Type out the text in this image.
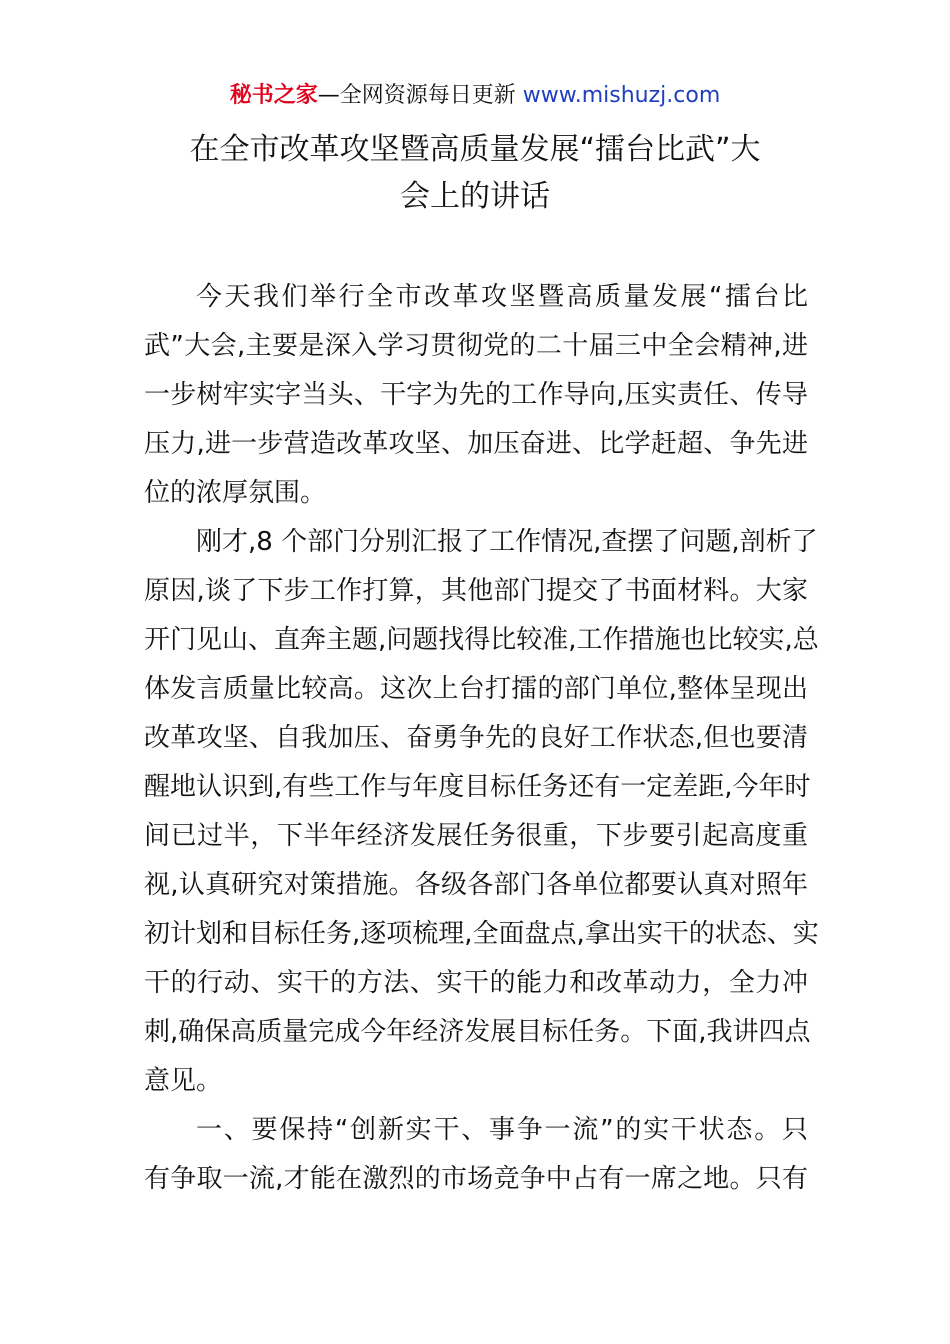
秘书之家—全网资源每日更新 www.mishuzj.com
在全市改革攻坚暨高质量发展“擂台比武”大
会上的讲话
今天我们举行全市改革攻坚暨高质量发展“擂台比
武”大会,主要是深入学习贯彻党的二十届三中全会精神,进
一步树牢实字当头、干字为先的工作导向,压实责任、传导
压力,进一步营造改革攻坚、加压奋进、比学赶超、争先进
位的浓厚氛围。
刚才,8 个部门分别汇报了工作情况,查摆了问题,剖析了
原因,谈了下步工作打算，其他部门提交了书面材料。大家
开门见山、直奔主题,问题找得比较准,工作措施也比较实,总
体发言质量比较高。这次上台打擂的部门单位,整体呈现出
改革攻坚、自我加压、奋勇争先的良好工作状态,但也要清
醒地认识到,有些工作与年度目标任务还有一定差距,今年时
间已过半，下半年经济发展任务很重，下步要引起高度重
视,认真研究对策措施。各级各部门各单位都要认真对照年
初计划和目标任务,逐项梳理,全面盘点,拿出实干的状态、实
干的行动、实干的方法、实干的能力和改革动力，全力冲
刺,确保高质量完成今年经济发展目标任务。下面,我讲四点
意见。
一、要保持“创新实干、事争一流”的实干状态。只
有争取一流,才能在激烈的市场竞争中占有一席之地。只有
